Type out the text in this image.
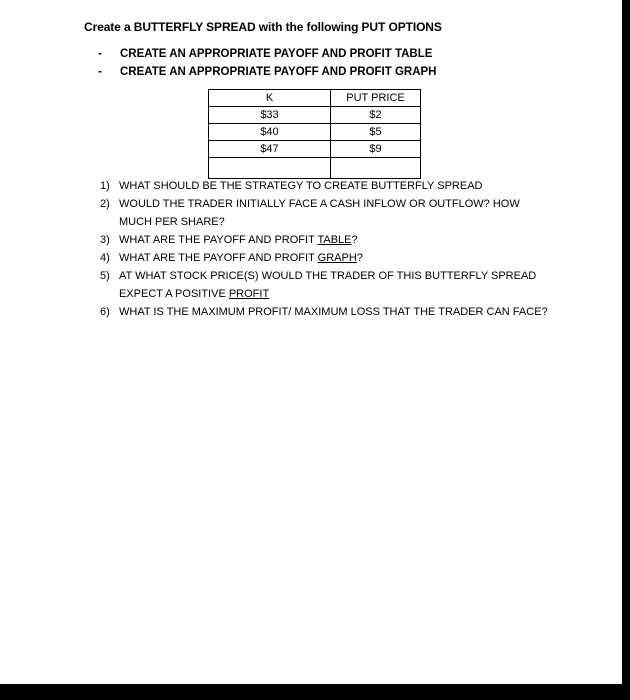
Create a BUTTERFLY SPREAD with the following PUT OPTIONS
- CREATE AN APPROPRIATE PAYOFF AND PROFIT TABLE
- CREATE AN APPROPRIATE PAYOFF AND PROFIT GRAPH
K	PUT PRICE
$33	$2
$40	$5
$47	$9

1) WHAT SHOULD BE THE STRATEGY TO CREATE BUTTERFLY SPREAD
2) WOULD THE TRADER INITIALLY FACE A CASH INFLOW OR OUTFLOW? HOW MUCH PER SHARE?
3) WHAT ARE THE PAYOFF AND PROFIT TABLE?
4) WHAT ARE THE PAYOFF AND PROFIT GRAPH?
5) AT WHAT STOCK PRICE(S) WOULD THE TRADER OF THIS BUTTERFLY SPREAD EXPECT A POSITIVE PROFIT
6) WHAT IS THE MAXIMUM PROFIT/ MAXIMUM LOSS THAT THE TRADER CAN FACE?
